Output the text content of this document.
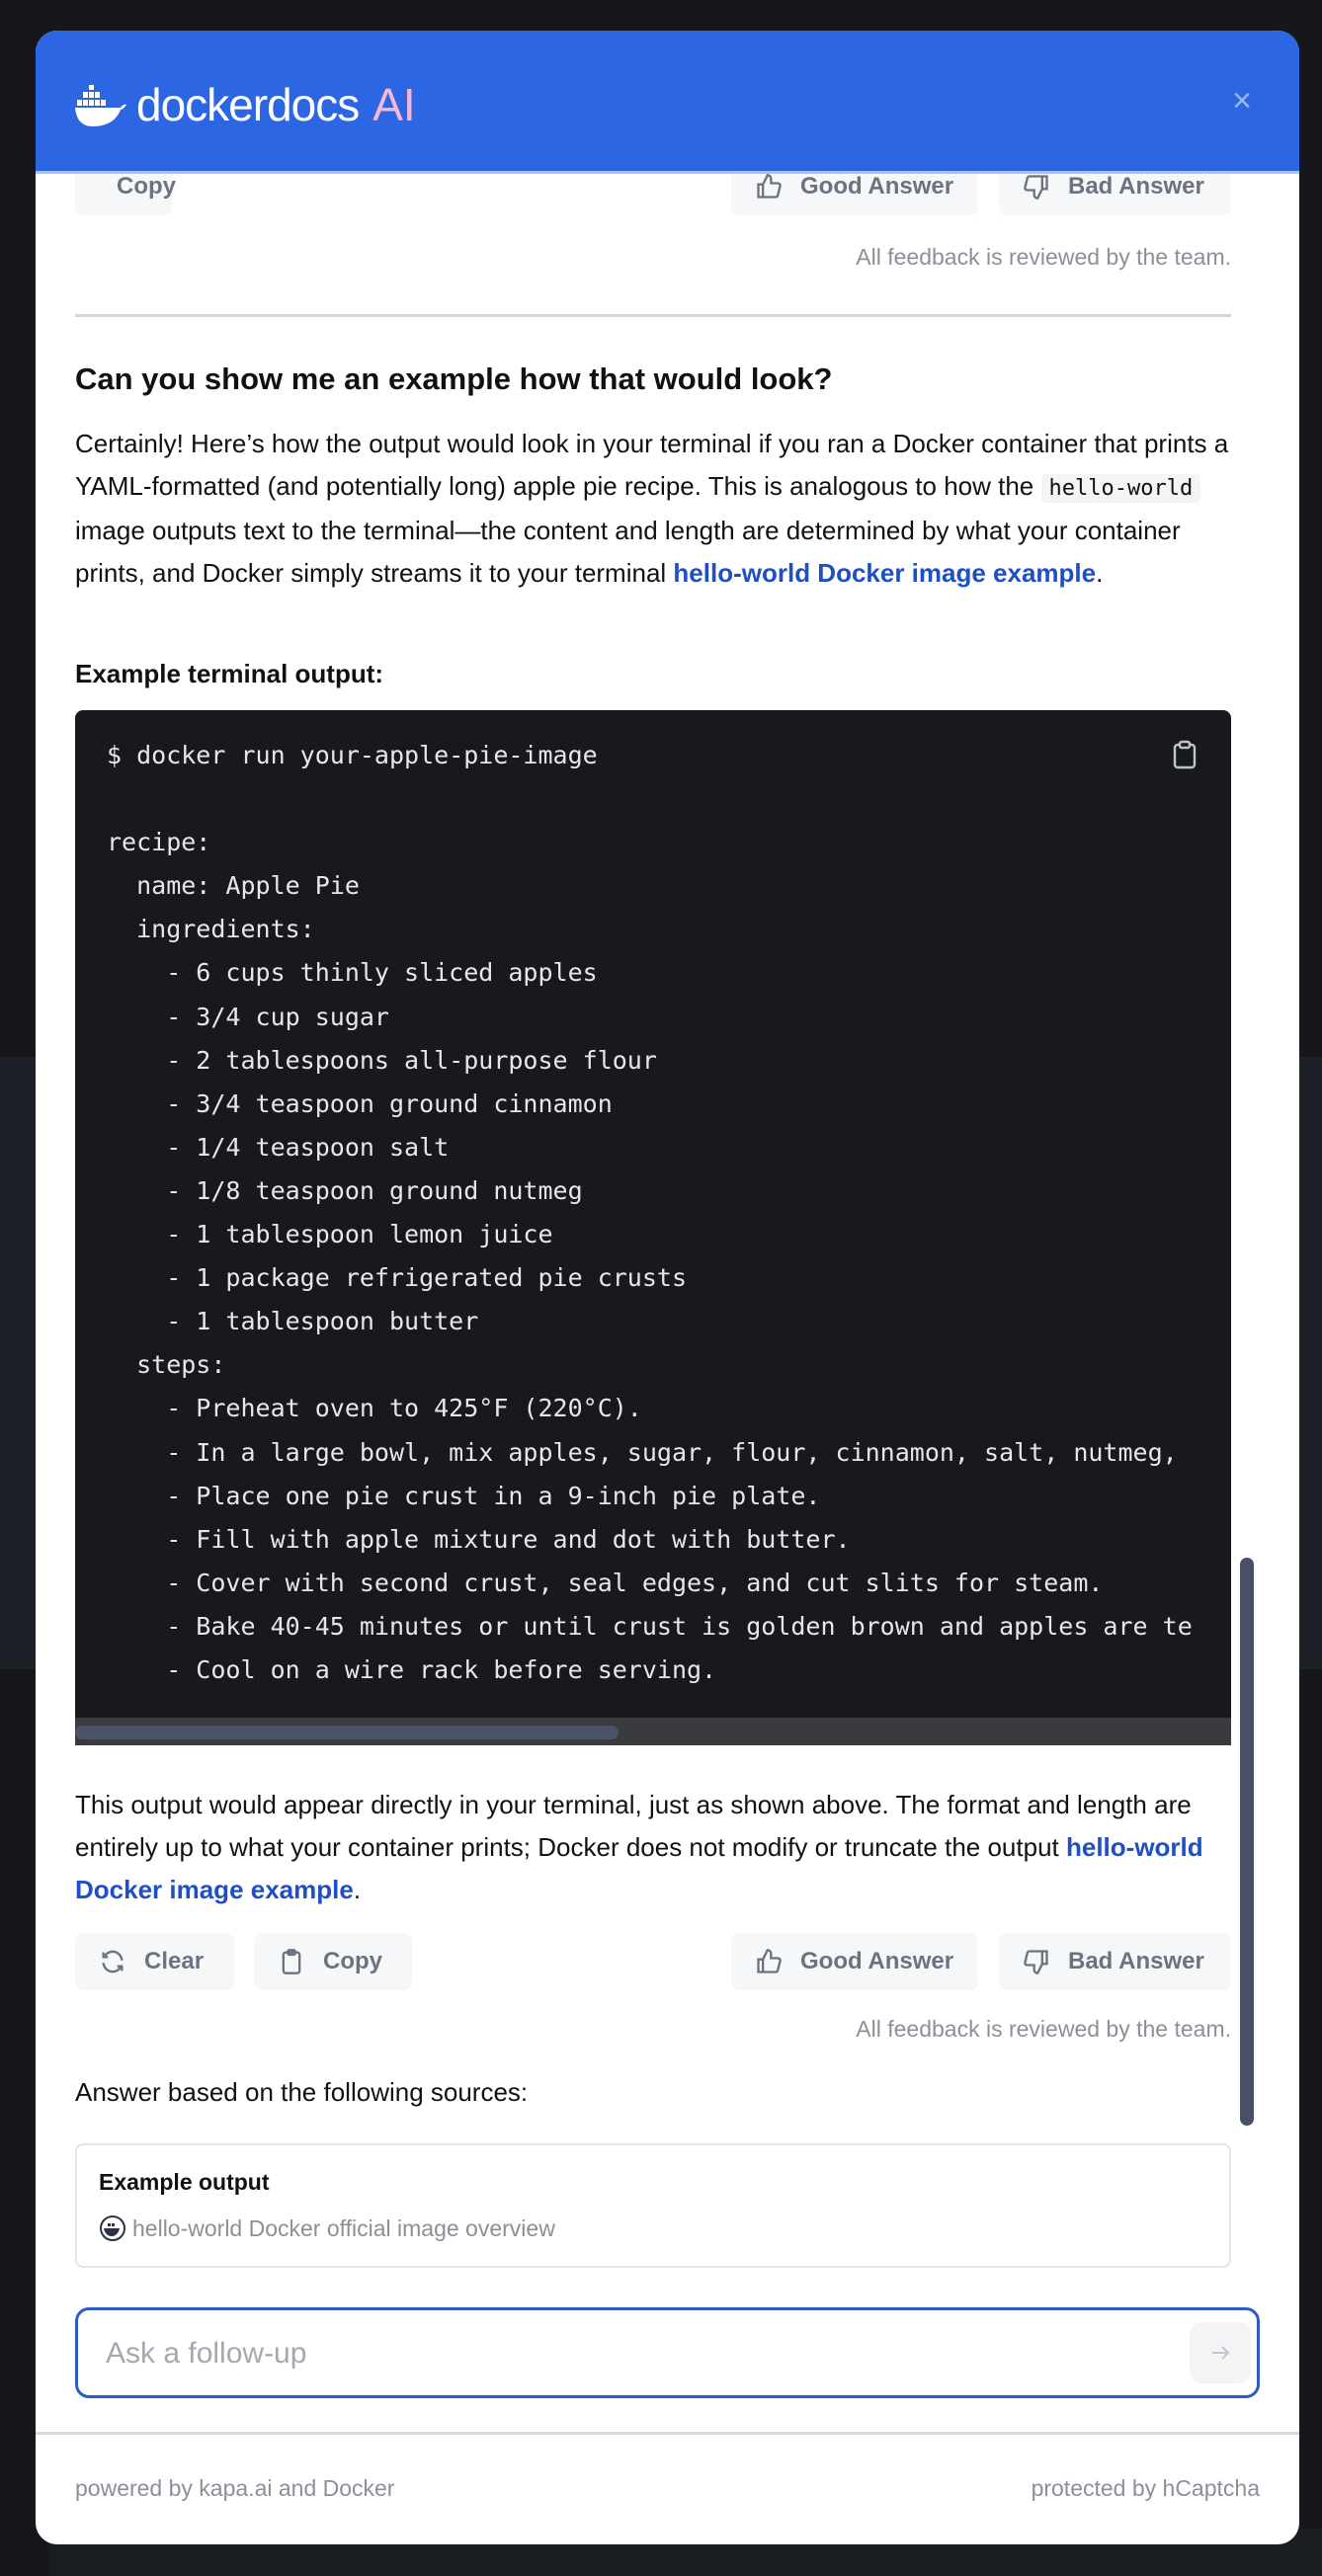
dockerdocs AI	×
Copy	Good Answer	Bad Answer
All feedback is reviewed by the team.
Can you show me an example how that would look?
Certainly! Here’s how the output would look in your terminal if you ran a Docker container that prints a YAML-formatted (and potentially long) apple pie recipe. This is analogous to how the hello-world image outputs text to the terminal—the content and length are determined by what your container prints, and Docker simply streams it to your terminal hello-world Docker image example.
Example terminal output:
$ docker run your-apple-pie-image

recipe:
name: Apple Pie
ingredients:
- 6 cups thinly sliced apples
- 3/4 cup sugar
- 2 tablespoons all-purpose flour
- 3/4 teaspoon ground cinnamon
- 1/4 teaspoon salt
- 1/8 teaspoon ground nutmeg
- 1 tablespoon lemon juice
- 1 package refrigerated pie crusts
- 1 tablespoon butter
steps:
- Preheat oven to 425°F (220°C).
- In a large bowl, mix apples, sugar, flour, cinnamon, salt, nutmeg,
- Place one pie crust in a 9-inch pie plate.
- Fill with apple mixture and dot with butter.
- Cover with second crust, seal edges, and cut slits for steam.
- Bake 40-45 minutes or until crust is golden brown and apples are te
- Cool on a wire rack before serving.
This output would appear directly in your terminal, just as shown above. The format and length are entirely up to what your container prints; Docker does not modify or truncate the output hello-world Docker image example.
Clear	Copy	Good Answer	Bad Answer
All feedback is reviewed by the team.
Answer based on the following sources:
Example output
hello-world Docker official image overview
Ask a follow-up
powered by kapa.ai and Docker	protected by hCaptcha
